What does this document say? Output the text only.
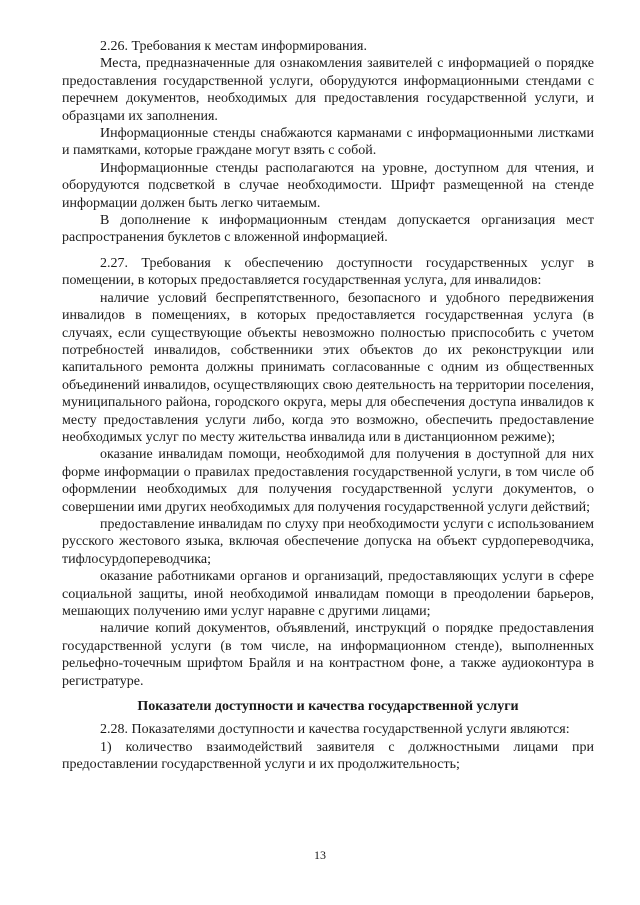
2.26. Требования к местам информирования.

Места, предназначенные для ознакомления заявителей с информацией о порядке предоставления государственной услуги, оборудуются информационными стендами с перечнем документов, необходимых для предоставления государственной услуги, и образцами их заполнения.

Информационные стенды снабжаются карманами с информационными листками и памятками, которые граждане могут взять с собой.

Информационные стенды располагаются на уровне, доступном для чтения, и оборудуются подсветкой в случае необходимости. Шрифт размещенной на стенде информации должен быть легко читаемым.

В дополнение к информационным стендам допускается организация мест распространения буклетов с вложенной информацией.

2.27. Требования к обеспечению доступности государственных услуг в помещении, в которых предоставляется государственная услуга, для инвалидов:

наличие условий беспрепятственного, безопасного и удобного передвижения инвалидов в помещениях, в которых предоставляется государственная услуга (в случаях, если существующие объекты невозможно полностью приспособить с учетом потребностей инвалидов, собственники этих объектов до их реконструкции или капитального ремонта должны принимать согласованные с одним из общественных объединений инвалидов, осуществляющих свою деятельность на территории поселения, муниципального района, городского округа, меры для обеспечения доступа инвалидов к месту предоставления услуги либо, когда это возможно, обеспечить предоставление необходимых услуг по месту жительства инвалида или в дистанционном режиме);

оказание инвалидам помощи, необходимой для получения в доступной для них форме информации о правилах предоставления государственной услуги, в том числе об оформлении необходимых для получения государственной услуги документов, о совершении ими других необходимых для получения государственной услуги действий;

предоставление инвалидам по слуху при необходимости услуги с использованием русского жестового языка, включая обеспечение допуска на объект сурдопереводчика, тифлосурдопереводчика;

оказание работниками органов и организаций, предоставляющих услуги в сфере социальной защиты, иной необходимой инвалидам помощи в преодолении барьеров, мешающих получению ими услуг наравне с другими лицами;

наличие копий документов, объявлений, инструкций о порядке предоставления государственной услуги (в том числе, на информационном стенде), выполненных рельефно-точечным шрифтом Брайля и на контрастном фоне, а также аудиоконтура в регистратуре.

Показатели доступности и качества государственной услуги

2.28. Показателями доступности и качества государственной услуги являются:

1) количество взаимодействий заявителя с должностными лицами при предоставлении государственной услуги и их продолжительность;

13
